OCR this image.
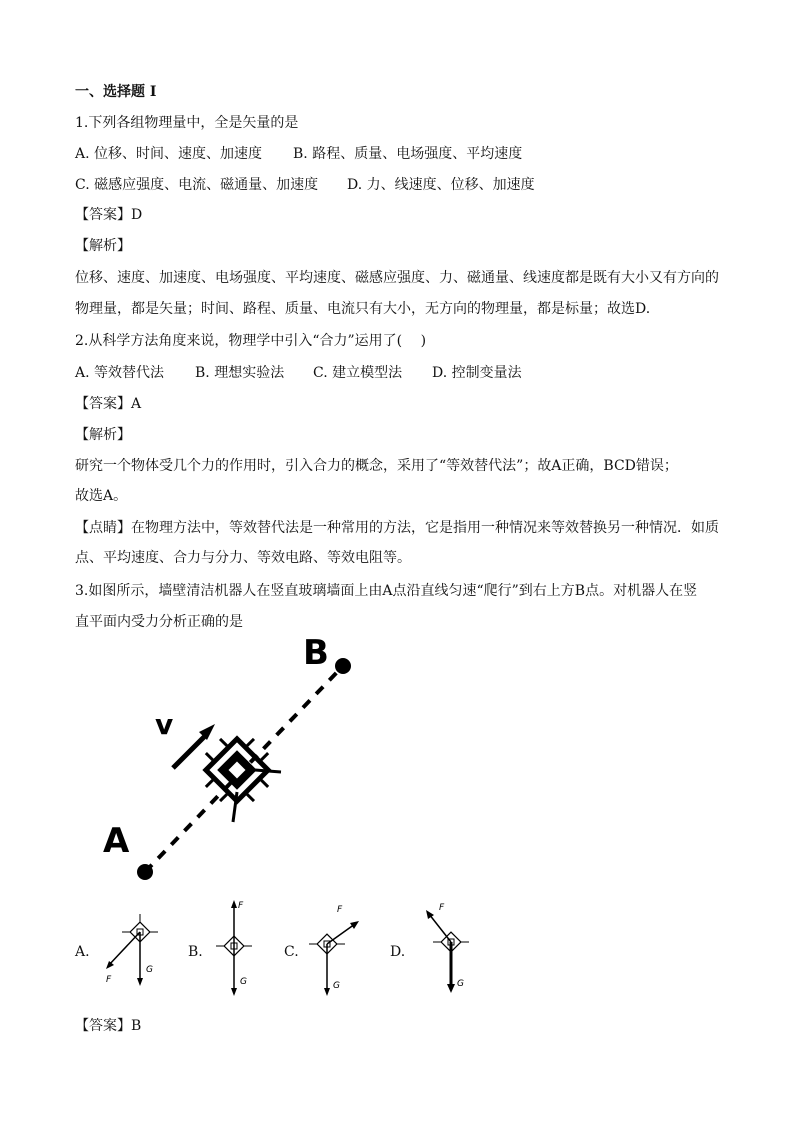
一、选择题 I
1.下列各组物理量中，全是矢量的是
A. 位移、时间、速度、加速度 B. 路程、质量、电场强度、平均速度
C. 磁感应强度、电流、磁通量、加速度 D. 力、线速度、位移、加速度
【答案】D
【解析】
位移、速度、加速度、电场强度、平均速度、磁感应强度、力、磁通量、线速度都是既有大小又有方向的
物理量，都是矢量；时间、路程、质量、电流只有大小，无方向的物理量，都是标量；故选D.
2.从科学方法角度来说，物理学中引入“合力”运用了(　 )
A. 等效替代法 B. 理想实验法 C. 建立模型法 D. 控制变量法
【答案】A
【解析】
研究一个物体受几个力的作用时，引入合力的概念，采用了“等效替代法”；故A正确，BCD错误；
故选A。
【点睛】在物理方法中，等效替代法是一种常用的方法，它是指用一种情况来等效替换另一种情况．如质
点、平均速度、合力与分力、等效电路、等效电阻等。
3.如图所示，墙壁清洁机器人在竖直玻璃墙面上由A点沿直线匀速“爬行”到右上方B点。对机器人在竖
直平面内受力分析正确的是
A
B
v
A.
F
G
B.
F
G
C.
F
G
D.
F
G
【答案】B
